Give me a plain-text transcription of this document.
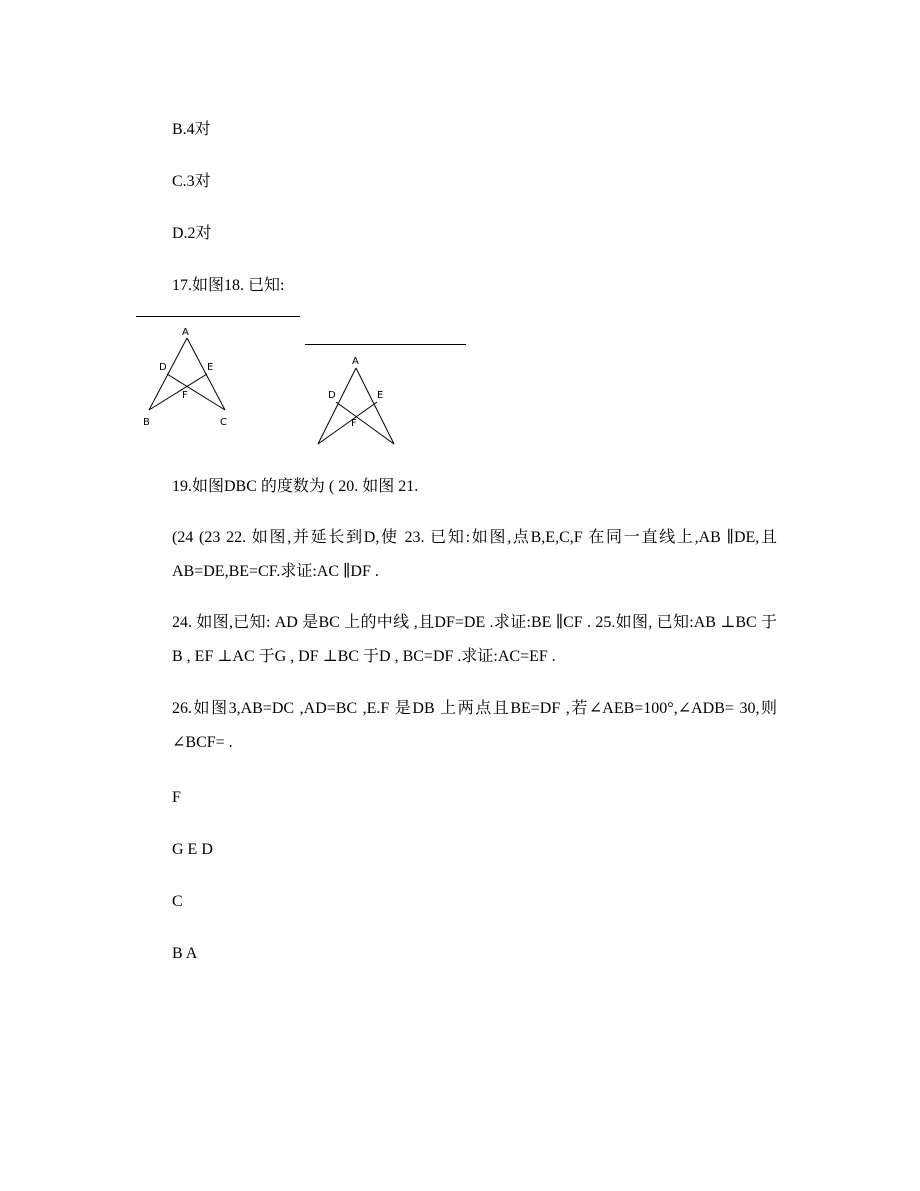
B.4对
C.3对
D.2对
17.如图18. 已知:
A
D	E
F
B	C
A
D	E
F
19.如图DBC 的度数为 ( 20. 如图 21.
(24 (23 22. 如图,并延长到D,使 23. 已知:如图,点B,E,C,F 在同一直线上,AB ∥DE,且AB=DE,BE=CF.求证:AC ∥DF .
24. 如图,已知: AD 是BC 上的中线 ,且DF=DE .求证:BE ∥CF . 25.如图, 已知:AB ⊥BC 于B , EF ⊥AC 于G , DF ⊥BC 于D , BC=DF .求证:AC=EF .
26.如图3,AB=DC ,AD=BC ,E.F 是DB 上两点且BE=DF ,若∠AEB=100°,∠ADB= 30,则∠BCF= .
F
G E D
C
B A
